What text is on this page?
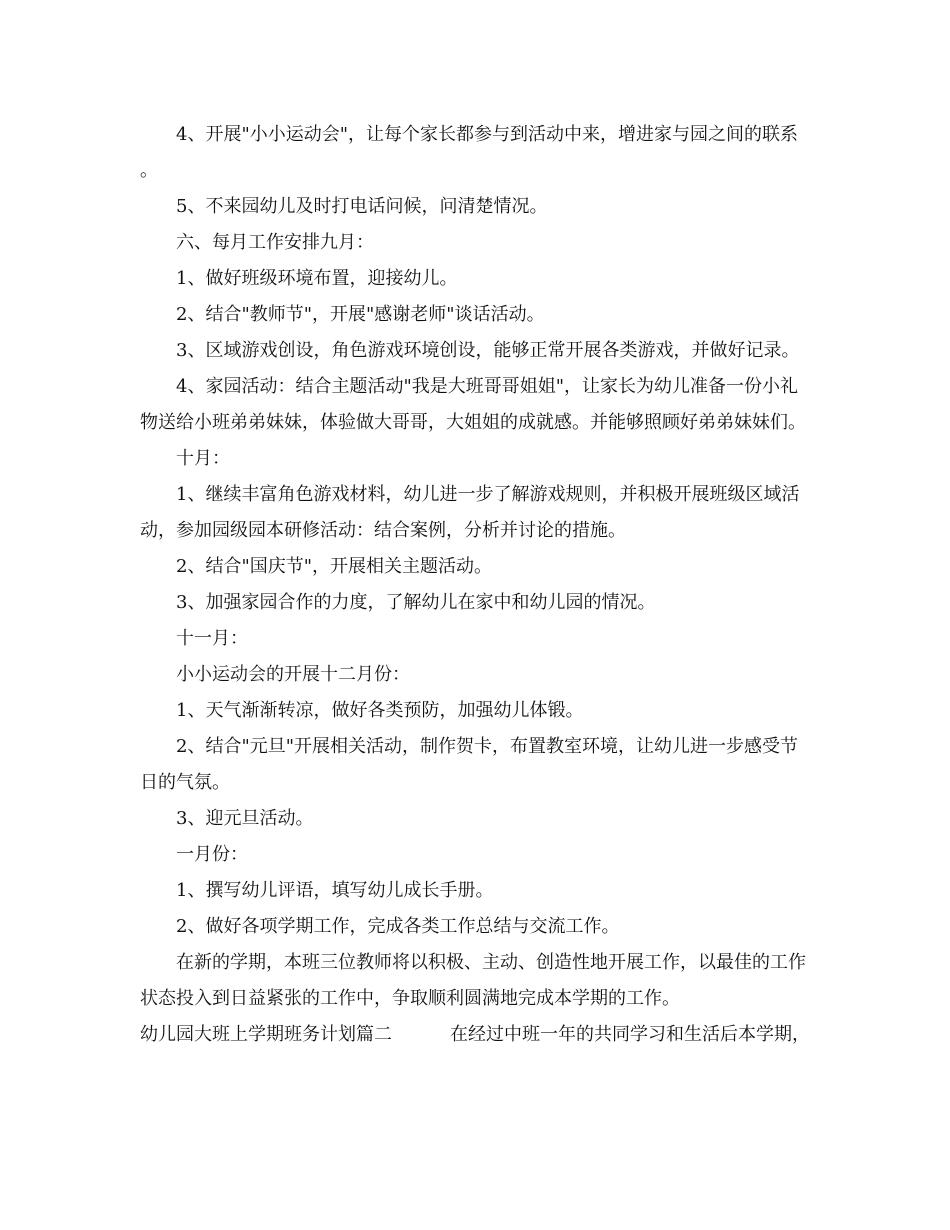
4、开展"小小运动会"，让每个家长都参与到活动中来，增进家与园之间的联系。

5、不来园幼儿及时打电话问候，问清楚情况。

六、每月工作安排九月：

1、做好班级环境布置，迎接幼儿。

2、结合"教师节"，开展"感谢老师"谈话活动。

3、区域游戏创设，角色游戏环境创设，能够正常开展各类游戏，并做好记录。

4、家园活动：结合主题活动"我是大班哥哥姐姐"，让家长为幼儿准备一份小礼物送给小班弟弟妹妹，体验做大哥哥，大姐姐的成就感。并能够照顾好弟弟妹妹们。

十月：

1、继续丰富角色游戏材料，幼儿进一步了解游戏规则，并积极开展班级区域活动，参加园级园本研修活动：结合案例，分析并讨论的措施。

2、结合"国庆节"，开展相关主题活动。

3、加强家园合作的力度，了解幼儿在家中和幼儿园的情况。

十一月：

小小运动会的开展十二月份：

1、天气渐渐转凉，做好各类预防，加强幼儿体锻。

2、结合"元旦"开展相关活动，制作贺卡，布置教室环境，让幼儿进一步感受节日的气氛。

3、迎元旦活动。

一月份：

1、撰写幼儿评语，填写幼儿成长手册。

2、做好各项学期工作，完成各类工作总结与交流工作。

在新的学期，本班三位教师将以积极、主动、创造性地开展工作，以最佳的工作状态投入到日益紧张的工作中，争取顺利圆满地完成本学期的工作。

幼儿园大班上学期班务计划篇二	在经过中班一年的共同学习和生活后本学期，
